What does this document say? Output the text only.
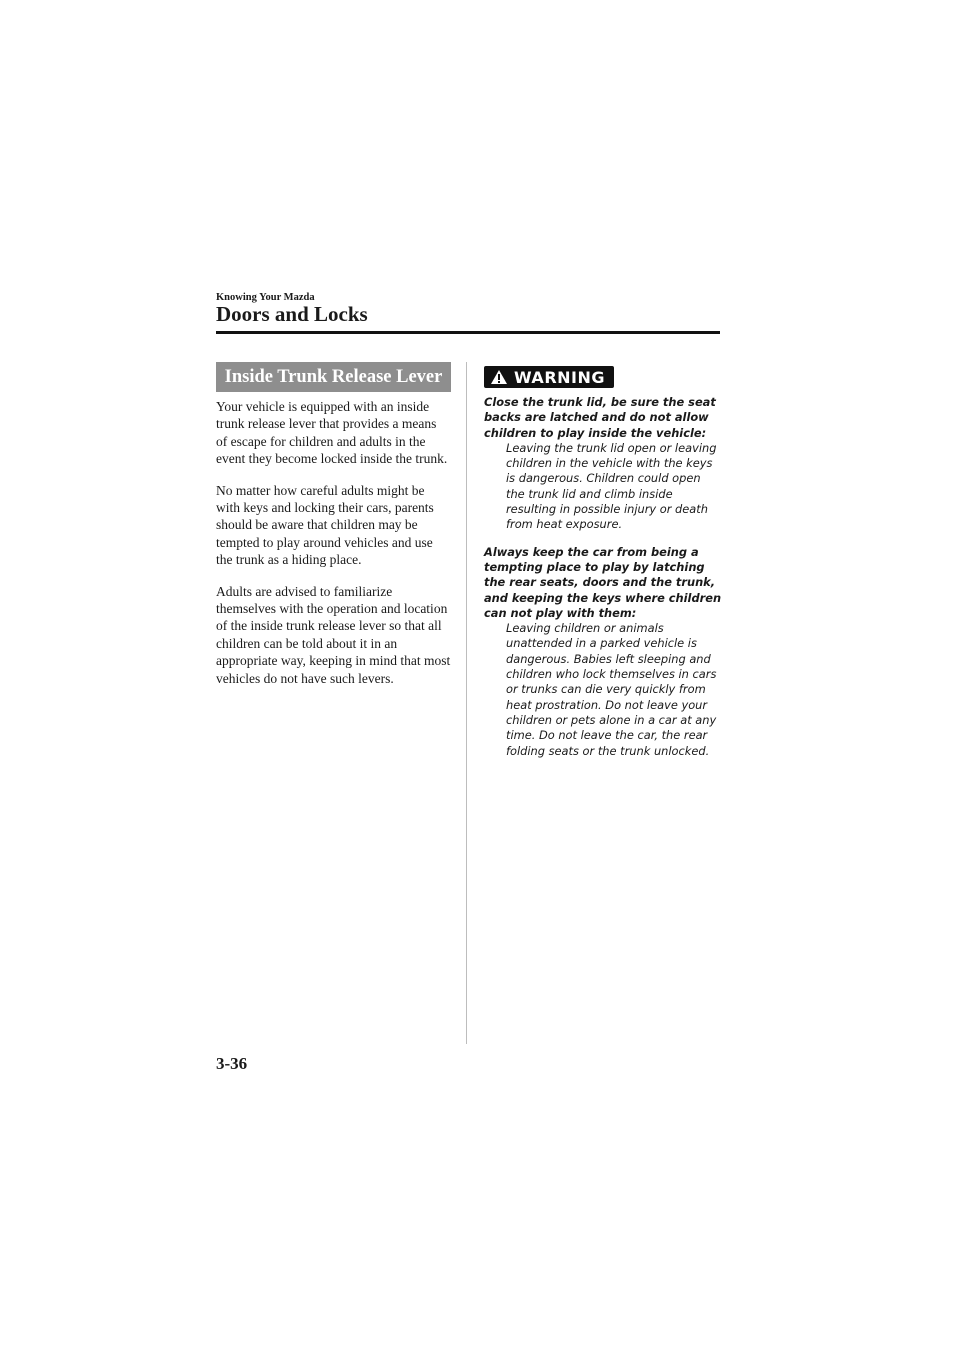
Knowing Your Mazda
Doors and Locks
Inside Trunk Release Lever

Your vehicle is equipped with an inside trunk release lever that provides a means of escape for children and adults in the event they become locked inside the trunk.

No matter how careful adults might be with keys and locking their cars, parents should be aware that children may be tempted to play around vehicles and use the trunk as a hiding place.

Adults are advised to familiarize themselves with the operation and location of the inside trunk release lever so that all children can be told about it in an appropriate way, keeping in mind that most vehicles do not have such levers.

WARNING

Close the trunk lid, be sure the seat backs are latched and do not allow children to play inside the vehicle:

Leaving the trunk lid open or leaving children in the vehicle with the keys is dangerous. Children could open the trunk lid and climb inside resulting in possible injury or death from heat exposure.

Always keep the car from being a tempting place to play by latching the rear seats, doors and the trunk, and keeping the keys where children can not play with them:

Leaving children or animals unattended in a parked vehicle is dangerous. Babies left sleeping and children who lock themselves in cars or trunks can die very quickly from heat prostration. Do not leave your children or pets alone in a car at any time. Do not leave the car, the rear folding seats or the trunk unlocked.

3-36
